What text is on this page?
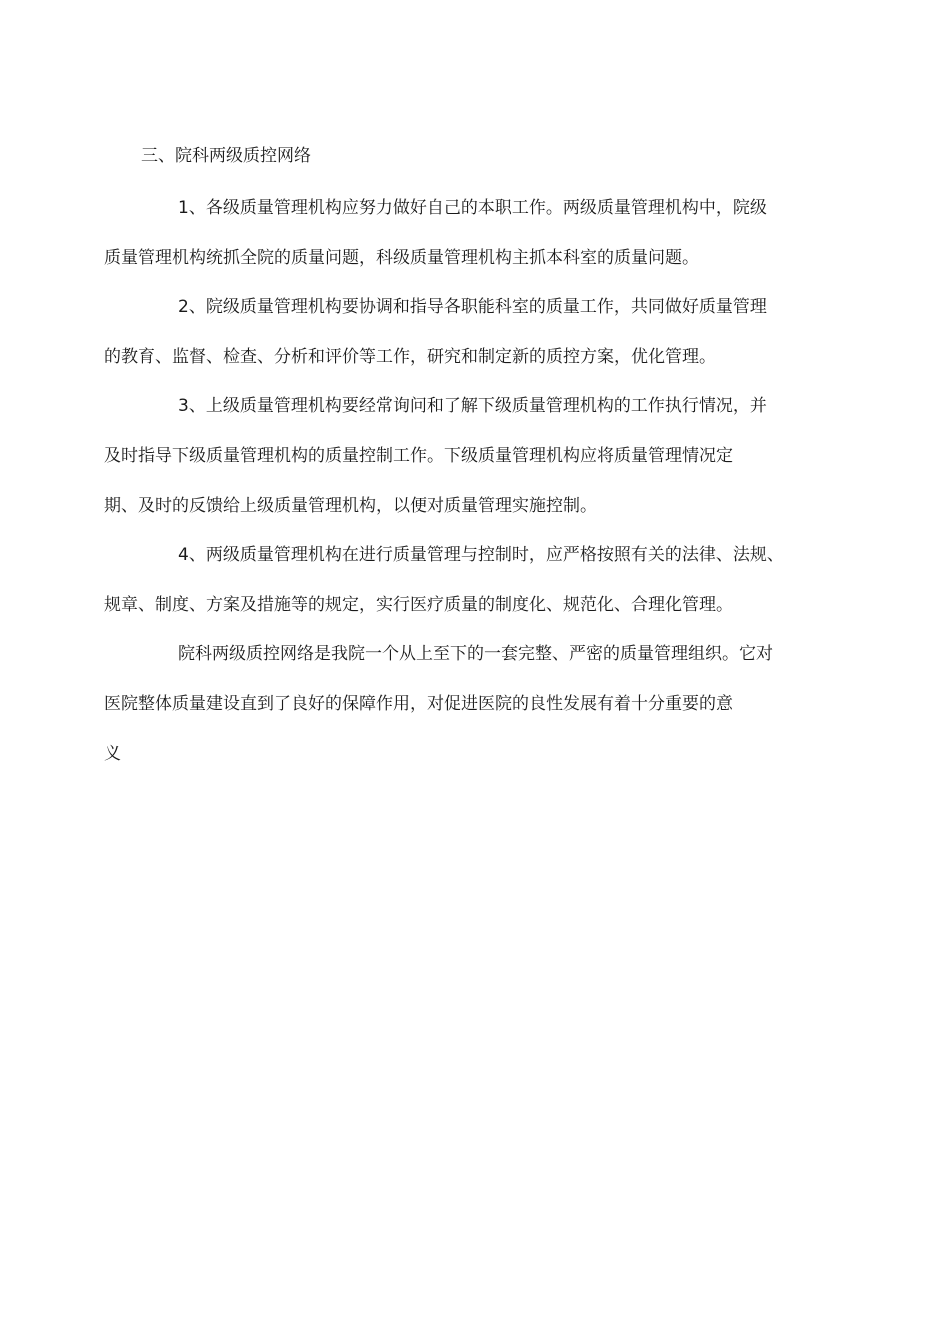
三、院科两级质控网络

1、各级质量管理机构应努力做好自己的本职工作。两级质量管理机构中，院级
质量管理机构统抓全院的质量问题，科级质量管理机构主抓本科室的质量问题。

2、院级质量管理机构要协调和指导各职能科室的质量工作，共同做好质量管理
的教育、监督、检查、分析和评价等工作，研究和制定新的质控方案，优化管理。

3、上级质量管理机构要经常询问和了解下级质量管理机构的工作执行情况，并
及时指导下级质量管理机构的质量控制工作。下级质量管理机构应将质量管理情况定
期、及时的反馈给上级质量管理机构，以便对质量管理实施控制。

4、两级质量管理机构在进行质量管理与控制时，应严格按照有关的法律、法规、
规章、制度、方案及措施等的规定，实行医疗质量的制度化、规范化、合理化管理。

院科两级质控网络是我院一个从上至下的一套完整、严密的质量管理组织。它对
医院整体质量建设直到了良好的保障作用，对促进医院的良性发展有着十分重要的意
义
